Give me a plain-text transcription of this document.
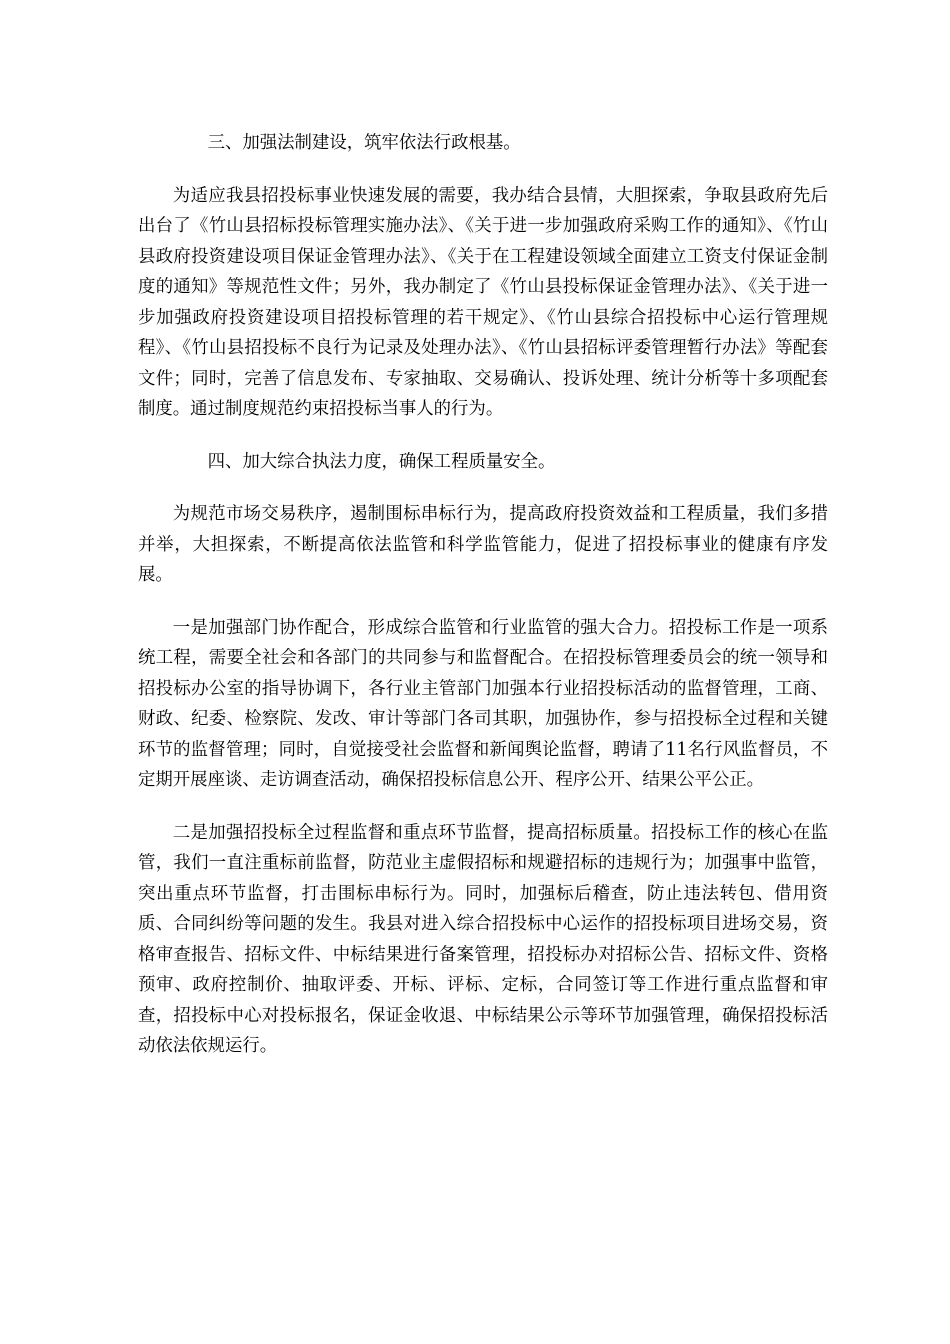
三、加强法制建设，筑牢依法行政根基。

为适应我县招投标事业快速发展的需要，我办结合县情，大胆探索，争取县政府先后出台了《竹山县招标投标管理实施办法》、《关于进一步加强政府采购工作的通知》、《竹山县政府投资建设项目保证金管理办法》、《关于在工程建设领域全面建立工资支付保证金制度的通知》等规范性文件；另外，我办制定了《竹山县投标保证金管理办法》、《关于进一步加强政府投资建设项目招投标管理的若干规定》、《竹山县综合招投标中心运行管理规程》、《竹山县招投标不良行为记录及处理办法》、《竹山县招标评委管理暂行办法》等配套文件；同时，完善了信息发布、专家抽取、交易确认、投诉处理、统计分析等十多项配套制度。通过制度规范约束招投标当事人的行为。

四、加大综合执法力度，确保工程质量安全。

为规范市场交易秩序，遏制围标串标行为，提高政府投资效益和工程质量，我们多措并举，大担探索，不断提高依法监管和科学监管能力，促进了招投标事业的健康有序发展。

一是加强部门协作配合，形成综合监管和行业监管的强大合力。招投标工作是一项系统工程，需要全社会和各部门的共同参与和监督配合。在招投标管理委员会的统一领导和招投标办公室的指导协调下，各行业主管部门加强本行业招投标活动的监督管理，工商、财政、纪委、检察院、发改、审计等部门各司其职，加强协作，参与招投标全过程和关键环节的监督管理；同时，自觉接受社会监督和新闻舆论监督，聘请了11名行风监督员，不定期开展座谈、走访调查活动，确保招投标信息公开、程序公开、结果公平公正。

二是加强招投标全过程监督和重点环节监督，提高招标质量。招投标工作的核心在监管，我们一直注重标前监督，防范业主虚假招标和规避招标的违规行为；加强事中监管，突出重点环节监督，打击围标串标行为。同时，加强标后稽查，防止违法转包、借用资质、合同纠纷等问题的发生。我县对进入综合招投标中心运作的招投标项目进场交易，资格审查报告、招标文件、中标结果进行备案管理，招投标办对招标公告、招标文件、资格预审、政府控制价、抽取评委、开标、评标、定标，合同签订等工作进行重点监督和审查，招投标中心对投标报名，保证金收退、中标结果公示等环节加强管理，确保招投标活动依法依规运行。
